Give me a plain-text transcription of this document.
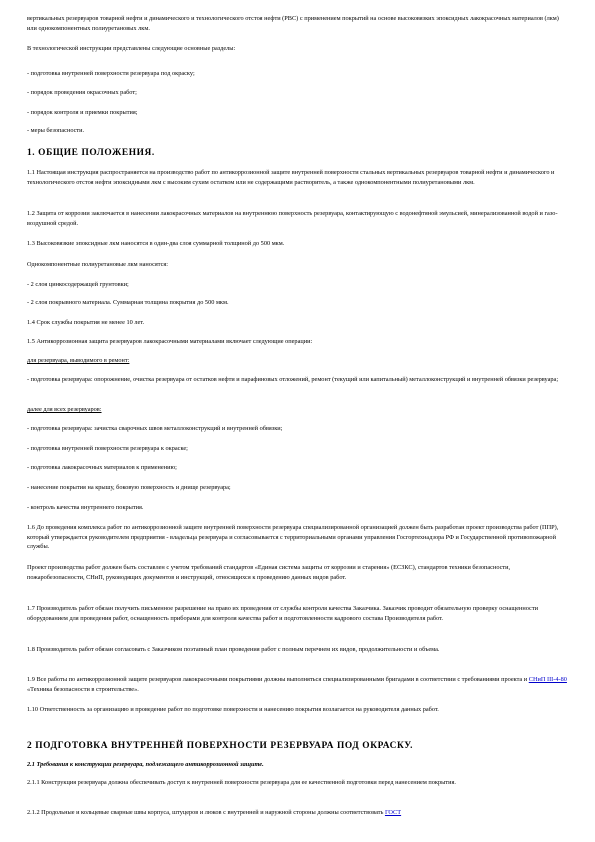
вертикальных резервуаров товарной нефти и динамического и технологического отстоя нефти (РВС) с применением покрытий на основе высоковязких эпоксидных лакокрасочных материалов (лкм) или однокомпонентных полиуретановых лкм.

В технологической инструкции представлены следующие основные разделы:

- подготовка внутренней поверхности резервуара под окраску;

- порядок проведения окрасочных работ;

- порядок контроля и приемки покрытия;

- меры безопасности.

1. ОБЩИЕ ПОЛОЖЕНИЯ.

1.1 Настоящая инструкция распространяется на производство работ по антикоррозионной защите внутренней поверхности стальных вертикальных резервуаров товарной нефти и динамического и технологического отстоя нефти эпоксидными лкм с высоким сухим остатком или не содержащими растворитель, а также однокомпонентными полиуретановыми лкм.

1.2 Защита от коррозии заключается в нанесении лакокрасочных материалов на внутреннюю поверхность резервуара, контактирующую с водонефтяной эмульсией, минерализованной водой и газо-воздушной средой.

1.3 Высоковязкие эпоксидные лкм наносятся в один-два слоя суммарной толщиной до 500 мкм.

Однокомпонентные полиуретановые лкм наносятся:

- 2 слоя цинкосодержащей грунтовки;

- 2 слоя покрывного материала. Суммарная толщина покрытия до 500 мкм.

1.4 Срок службы покрытия не менее 10 лет.

1.5 Антикоррозионная защита резервуаров лакокрасочными материалами включает следующие операции:

для резервуара, выводимого в ремонт:

- подготовка резервуара: опорожнение, очистка резервуара от остатков нефти и парафиновых отложений, ремонт (текущий или капитальный) металлоконструкций и внутренней обвязки резервуара;

далее для всех резервуаров:

- подготовка резервуара: зачистка сварочных швов металлоконструкций и внутренней обвязки;

- подготовка внутренней поверхности резервуара к окраске;

- подготовка лакокрасочных материалов к применению;

- нанесение покрытия на крышу, боковую поверхность и днище резервуара;

- контроль качества внутреннего покрытия.

1.6 До проведения комплекса работ по антикоррозионной защите внутренней поверхности резервуара специализированной организацией должен быть разработан проект производства работ (ППР), который утверждается руководителем предприятия - владельца резервуара и согласовывается с территориальными органами управления Госгортехнадзора РФ и Государственной противопожарной службы.

Проект производства работ должен быть составлен с учетом требований стандартов «Единая система защиты от коррозии и старения» (ЕСЗКС), стандартов техники безопасности, пожаробезопасности, СНиП, руководящих документов и инструкций, относящихся к проведению данных видов работ.

1.7 Производитель работ обязан получить письменное разрешение на право их проведения от службы контроля качества Заказчика. Заказчик проводит обязательную проверку оснащенности оборудованием для проведения работ, оснащенность приборами для контроля качества работ и подготовленности кадрового состава Производителя работ.

1.8 Производитель работ обязан согласовать с Заказчиком поэтапный план проведения работ с полным перечнем их видов, продолжительности и объема.

1.9 Все работы по антикоррозионной защите резервуаров лакокрасочными покрытиями должны выполняться специализированными бригадами в соответствии с требованиями проекта и СНиП III-4-80 «Техника безопасности в строительстве».

1.10 Ответственность за организацию и проведение работ по подготовке поверхности и нанесению покрытия возлагается на руководителя данных работ.

2 ПОДГОТОВКА ВНУТРЕННЕЙ ПОВЕРХНОСТИ РЕЗЕРВУАРА ПОД ОКРАСКУ.

2.1 Требования к конструкции резервуара, подлежащего антикоррозионной защите.

2.1.1 Конструкция резервуара должна обеспечивать доступ к внутренней поверхности резервуара для ее качественной подготовки перед нанесением покрытия.

2.1.2 Продольные и кольцевые сварные швы корпуса, штуцеров и люков с внутренней и наружной стороны должны соответствовать ГОСТ
